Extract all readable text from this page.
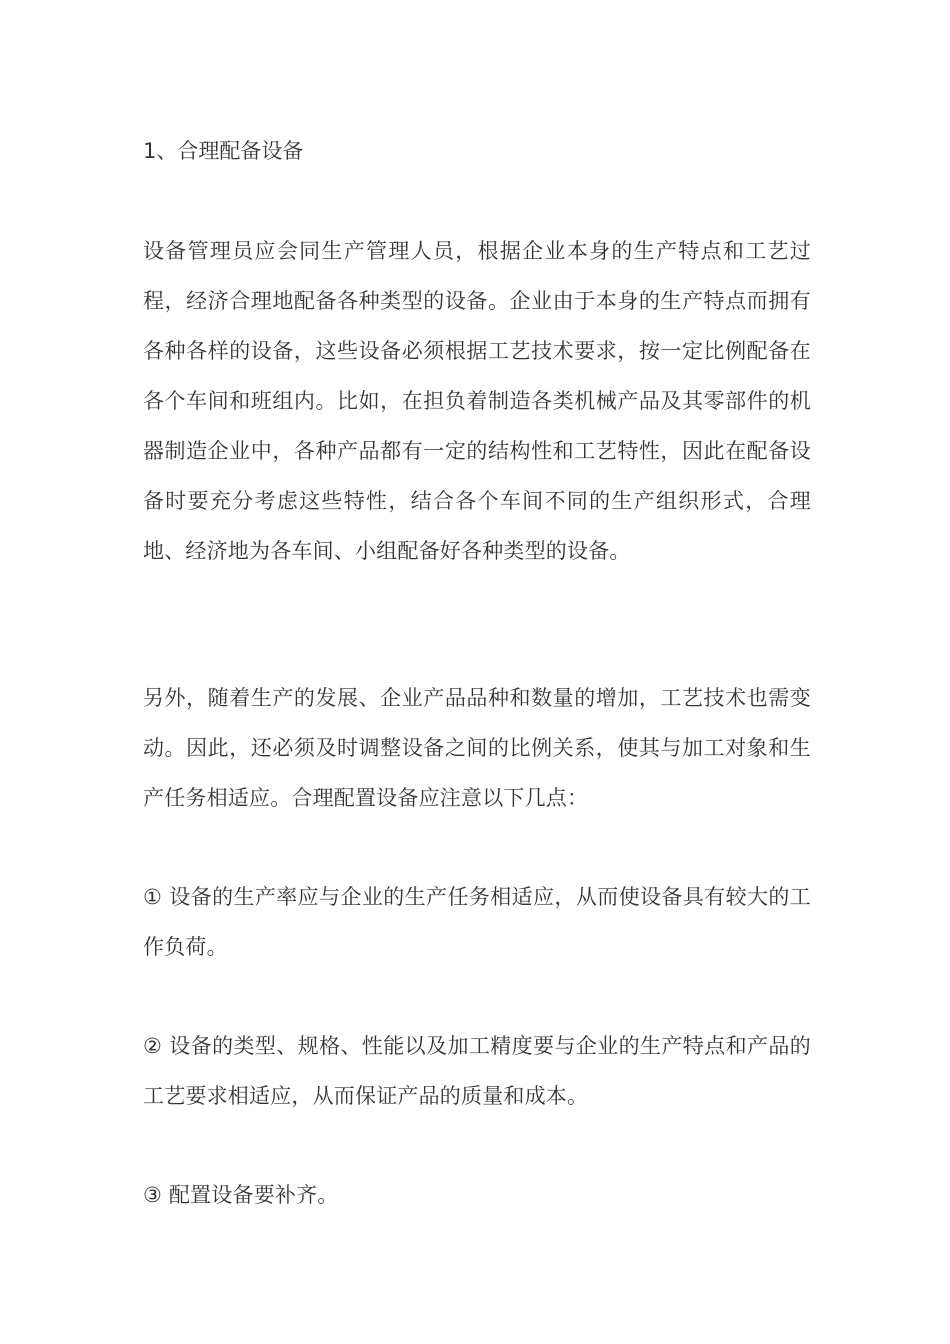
1、合理配备设备

设备管理员应会同生产管理人员，根据企业本身的生产特点和工艺过程，经济合理地配备各种类型的设备。企业由于本身的生产特点而拥有各种各样的设备，这些设备必须根据工艺技术要求，按一定比例配备在各个车间和班组内。比如，在担负着制造各类机械产品及其零部件的机器制造企业中，各种产品都有一定的结构性和工艺特性，因此在配备设备时要充分考虑这些特性，结合各个车间不同的生产组织形式，合理地、经济地为各车间、小组配备好各种类型的设备。

另外，随着生产的发展、企业产品品种和数量的增加，工艺技术也需变动。因此，还必须及时调整设备之间的比例关系，使其与加工对象和生产任务相适应。合理配置设备应注意以下几点：

① 设备的生产率应与企业的生产任务相适应，从而使设备具有较大的工作负荷。

② 设备的类型、规格、性能以及加工精度要与企业的生产特点和产品的工艺要求相适应，从而保证产品的质量和成本。

③ 配置设备要补齐。
